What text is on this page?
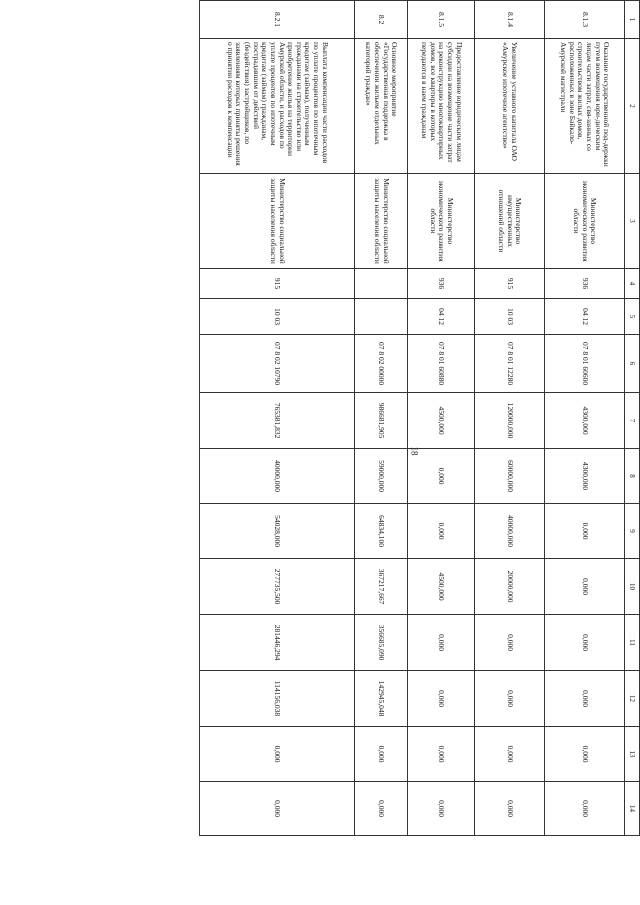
18
1	2	3	4	5	6	7	8	9	10	11	12	13	14
8.1.3	Оказание государственной под-держки путем возмещения юри-дическим лицам части затрат, свя-занных со строительством жилых домов, расположенных в зоне Байкало-Амурской магистрали	Министерство экономического развития области	936	04 12	07 8 01 60600	4300,000	4300,000	0,000	0,000	0,000	0,000	0,000	0,000
8.1.4	Увеличение уставного капитала ОАО «Амурское ипотечное агентство»	Министерство имущественных отношений области	915	10 03	07 8 01 12280	120000,000	60000,000	40000,000	20000,000	0,000	0,000	0,000	0,000
8.1.5	Предоставление юридическим лицам субсидии на возмещение части затрат на реконструкцию многоквартирных домов, все квартиры в которых передаются в наем гражданам	Министерство экономического развития области	936	04 12	07 8 01 60880	4500,000	0,000	0,000	4500,000	0,000	0,000	0,000	0,000
8.2	Основное мероприятие «Государственная поддержка в обеспечении жильем отдельных категорий граждан»	Министерство социальной защиты населения области			07 8 02 00000	986681,905	59000,000	64834,100	367217,667	356685,090	142945,048	0,000	0,000
8.2.1	Выплата компенсации части расходов по уплате процентов по ипотечным кредитам (займам), полученным гражданами на строительство или приобретение жилья на территории Амурской области, и расходов по уплате процентов по ипотечным кредитам (займам) гражданам, пострадавшим от действий (бездействия) застройщиков, по заявлениям которых приняты решения о принятии расходов к компенсации	Министерство социальной защиты населения области	915	10 03	07 8 02 10790	765381,832	40000,000	54028,000	277735,500	281446,294	114156,038	0,000	0,000
